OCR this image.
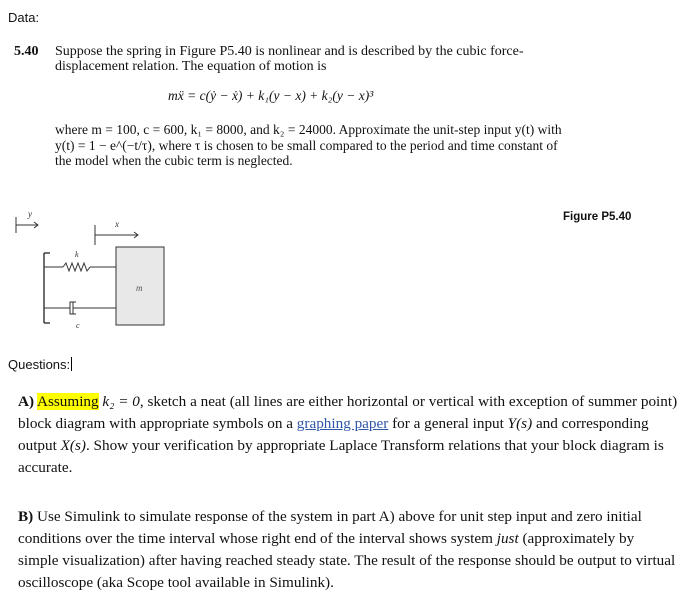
Data:
5.40 Suppose the spring in Figure P5.40 is nonlinear and is described by the cubic force-displacement relation. The equation of motion is
mẍ = c(ẏ − ẋ) + k₁(y − x) + k₂(y − x)³
where m = 100, c = 600, k₁ = 8000, and k₂ = 24000. Approximate the unit-step input y(t) with y(t) = 1 − e^(−t/τ), where τ is chosen to be small compared to the period and time constant of the model when the cubic term is neglected.
Figure P5.40
y
x
k
c
m
Questions:
A) Assuming k₂ = 0, sketch a neat (all lines are either horizontal or vertical with exception of summer point) block diagram with appropriate symbols on a graphing paper for a general input Y(s) and corresponding output X(s). Show your verification by appropriate Laplace Transform relations that your block diagram is accurate.
B) Use Simulink to simulate response of the system in part A) above for unit step input and zero initial conditions over the time interval whose right end of the interval shows system just (approximately by simple visualization) after having reached steady state. The result of the response should be output to virtual oscilloscope (aka Scope tool available in Simulink).
